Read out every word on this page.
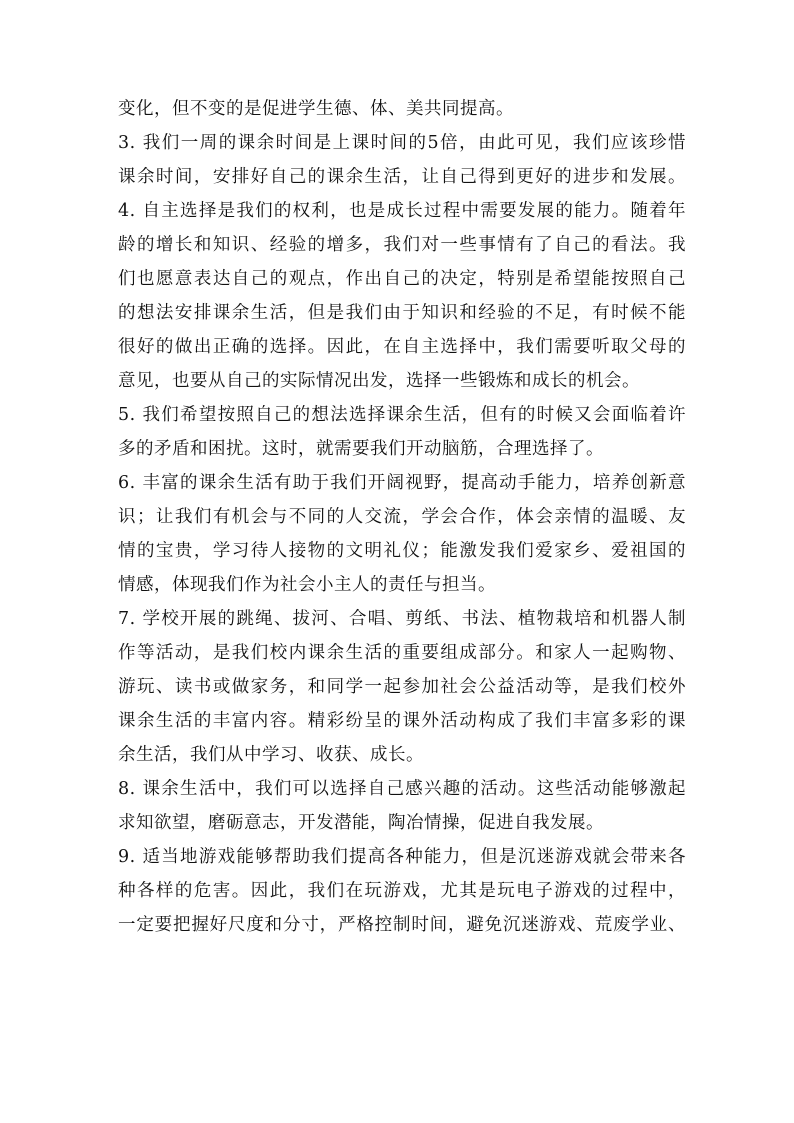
变化，但不变的是促进学生德、体、美共同提高。
3. 我们一周的课余时间是上课时间的5倍，由此可见，我们应该珍惜
课余时间，安排好自己的课余生活，让自己得到更好的进步和发展。
4. 自主选择是我们的权利，也是成长过程中需要发展的能力。随着年
龄的增长和知识、经验的增多，我们对一些事情有了自己的看法。我
们也愿意表达自己的观点，作出自己的决定，特别是希望能按照自己
的想法安排课余生活，但是我们由于知识和经验的不足，有时候不能
很好的做出正确的选择。因此，在自主选择中，我们需要听取父母的
意见，也要从自己的实际情况出发，选择一些锻炼和成长的机会。
5. 我们希望按照自己的想法选择课余生活，但有的时候又会面临着许
多的矛盾和困扰。这时，就需要我们开动脑筋，合理选择了。
6. 丰富的课余生活有助于我们开阔视野，提高动手能力，培养创新意
识；让我们有机会与不同的人交流，学会合作，体会亲情的温暖、友
情的宝贵，学习待人接物的文明礼仪；能激发我们爱家乡、爱祖国的
情感，体现我们作为社会小主人的责任与担当。
7. 学校开展的跳绳、拔河、合唱、剪纸、书法、植物栽培和机器人制
作等活动，是我们校内课余生活的重要组成部分。和家人一起购物、
游玩、读书或做家务，和同学一起参加社会公益活动等，是我们校外
课余生活的丰富内容。精彩纷呈的课外活动构成了我们丰富多彩的课
余生活，我们从中学习、收获、成长。
8. 课余生活中，我们可以选择自己感兴趣的活动。这些活动能够激起
求知欲望，磨砺意志，开发潜能，陶冶情操，促进自我发展。
9. 适当地游戏能够帮助我们提高各种能力，但是沉迷游戏就会带来各
种各样的危害。因此，我们在玩游戏，尤其是玩电子游戏的过程中，
一定要把握好尺度和分寸，严格控制时间，避免沉迷游戏、荒废学业、
